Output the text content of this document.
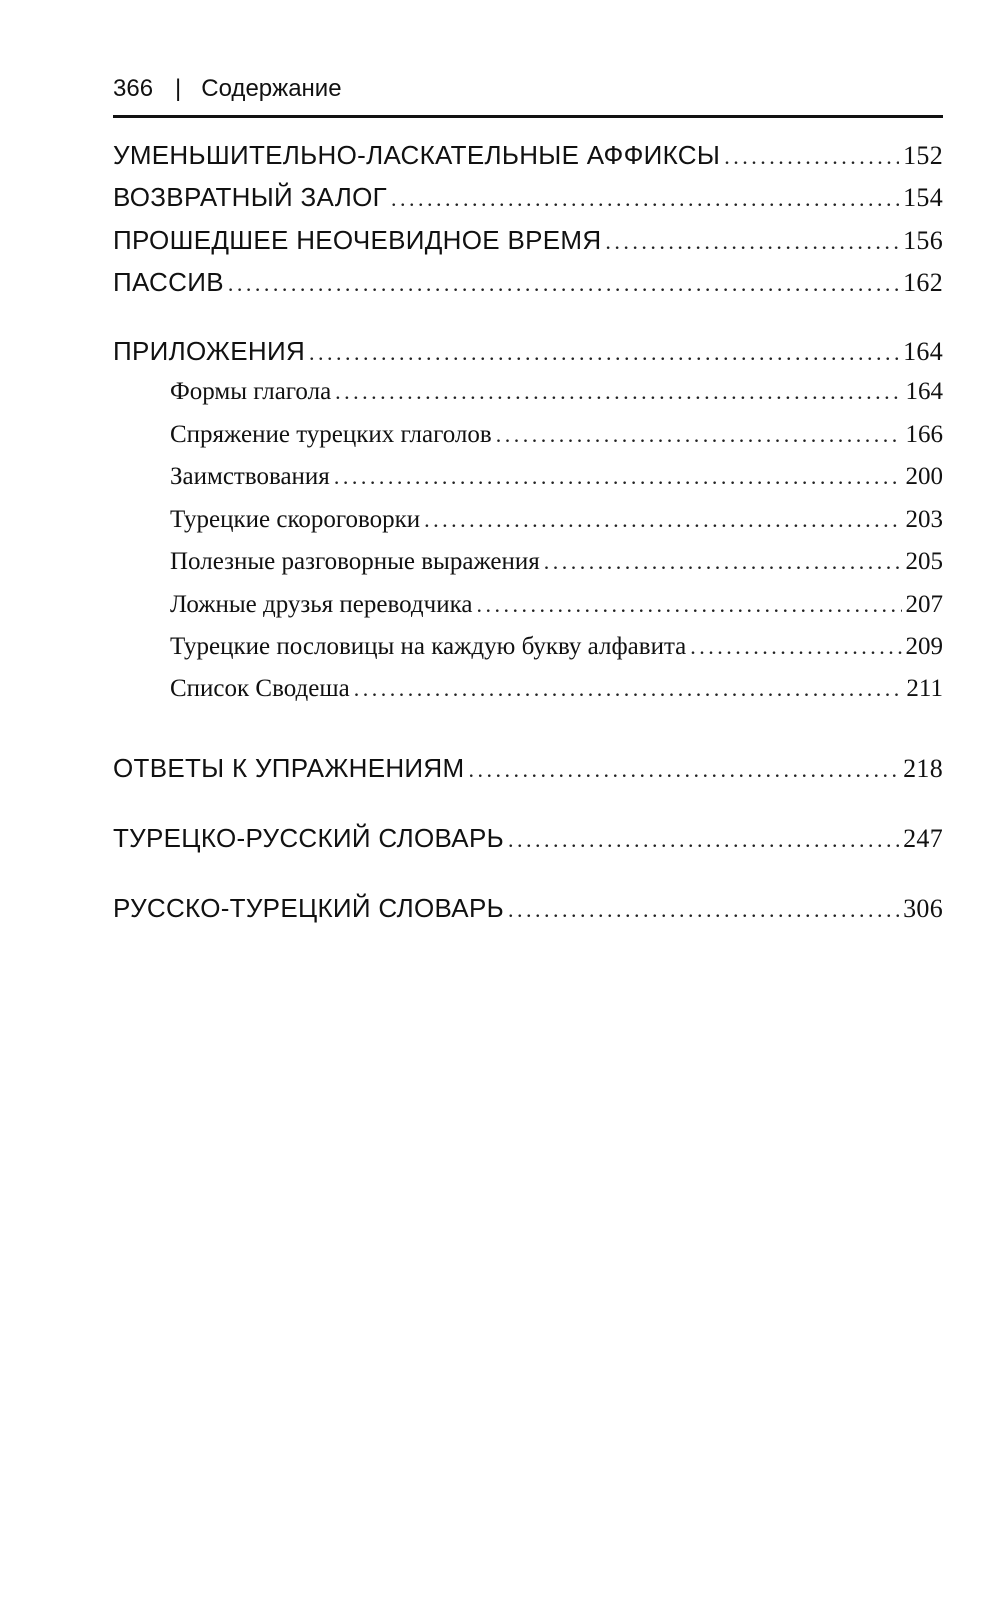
366 | Содержание
УМЕНЬШИТЕЛЬНО-ЛАСКАТЕЛЬНЫЕ АФФИКСЫ . . .	152
ВОЗВРАТНЫЙ ЗАЛОГ . . .	154
ПРОШЕДШЕЕ НЕОЧЕВИДНОЕ ВРЕМЯ . . .	156
ПАССИВ . . .	162
ПРИЛОЖЕНИЯ . . .	164
Формы глагола . . .	164
Спряжение турецких глаголов . . .	166
Заимствования . . .	200
Турецкие скороговорки . . .	203
Полезные разговорные выражения . . .	205
Ложные друзья переводчика . . .	207
Турецкие пословицы на каждую букву алфавита . . .	209
Список Сводеша . . .	211
ОТВЕТЫ К УПРАЖНЕНИЯМ . . .	218
ТУРЕЦКО-РУССКИЙ СЛОВАРЬ . . .	247
РУССКО-ТУРЕЦКИЙ СЛОВАРЬ . . .	306
